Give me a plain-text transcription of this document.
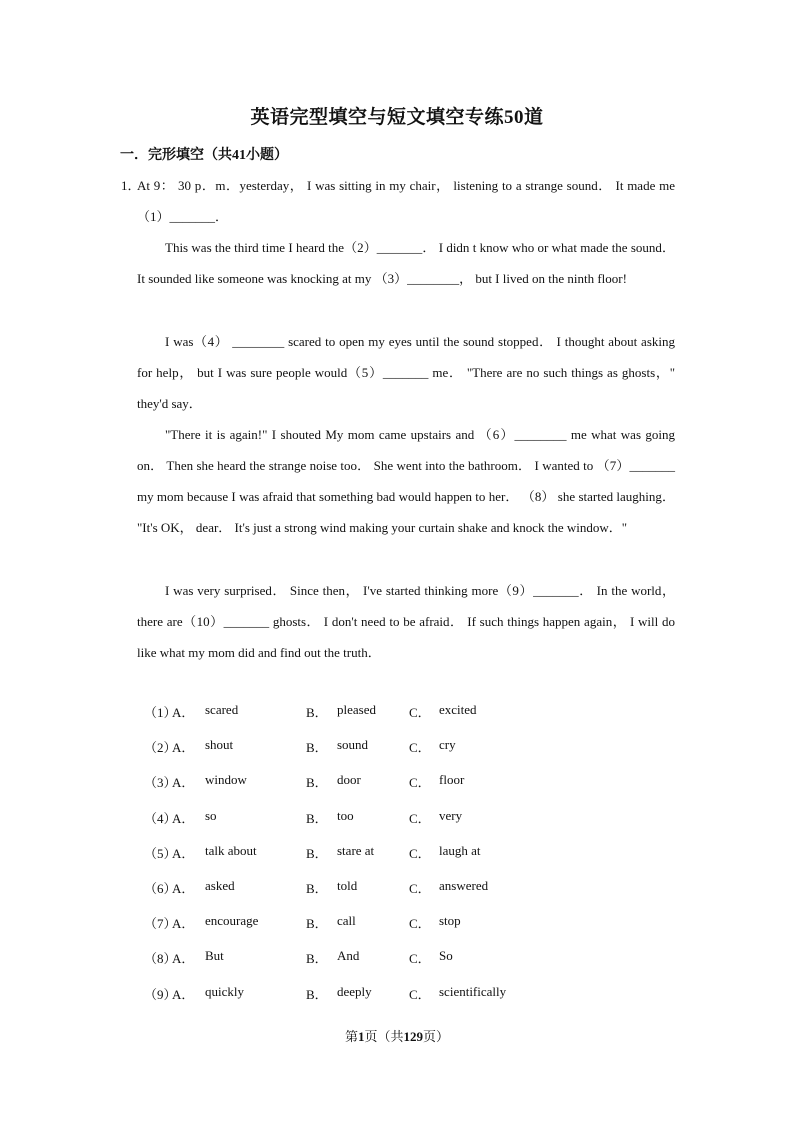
英语完型填空与短文填空专练50道
一．完形填空（共41小题）
1．
At 9： 30 p．m．yesterday， I was sitting in my chair， listening to a strange sound． It made me（1）_______．
This was the third time I heard the（2）_______． I didn t know who or what made the sound． It sounded like someone was knocking at my （3）________， but I lived on the ninth floor!
I was（4） ________ scared to open my eyes until the sound stopped． I thought about asking for help， but I was sure people would（5）_______ me． "There are no such things as ghosts，" they'd say．
"There it is again!" I shouted My mom came upstairs and （6）________ me what was going on． Then she heard the strange noise too． She went into the bathroom． I wanted to （7）_______ my mom because I was afraid that something bad would happen to her． （8） she started laughing． "It's OK， dear． It's just a strong wind making your curtain shake and knock the window．"
I was very surprised． Since then， I've started thinking more（9）_______． In the world， there are（10）_______ ghosts． I don't need to be afraid． If such things happen again， I will do like what my mom did and find out the truth．
（1）
A． scared	B． pleased	C． excited
（2）
A． shout	B． sound	C． cry
（3）
A． window	B． door	C． floor
（4）
A． so	B． too	C． very
（5）
A． talk about	B． stare at	C． laugh at
（6）
A． asked	B． told	C． answered
（7）
A． encourage	B． call	C． stop
（8）
A． But	B． And	C． So
（9）
A． quickly	B． deeply	C． scientifically
第1页（共129页）
